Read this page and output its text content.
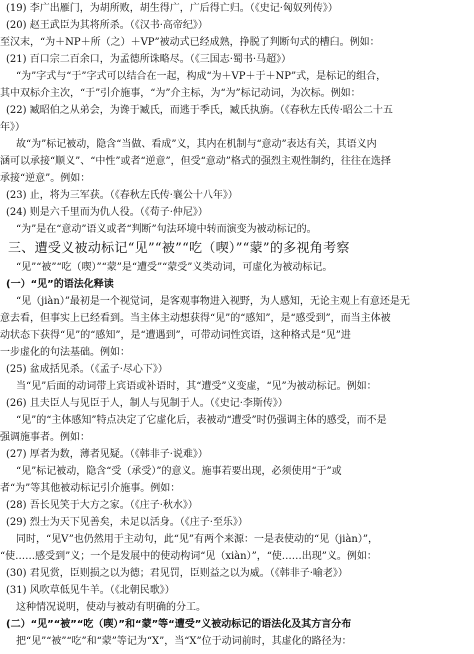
(19) 李广出雁门，为胡所败，胡生得广，广后得亡归。（《史记·匈奴列传》）
(20) 赵王武臣为其将所杀。（《汉书·高帝纪》）
至汉末，“为＋NP＋所（之）＋VP”被动式已经成熟，挣脱了判断句式的槽臼。例如：
(21) 百口宗二百余口，为孟德所诛略尽。（《三国志·蜀书·马超》）
“为”字式与“于”字式可以结合在一起，构成“为＋VP＋于＋NP”式，是标记的组合，
其中双标介主次，“于”引介施事，“为”介主标，为“为”标记动词，为次标。例如：
(22) 臧昭伯之从弟会，为谗于臧氏，而逃于季氏，臧氏执旃。（《春秋左氏传·昭公二十五
年》）
故“为”标记被动，隐含“当做、看成”义，其内在机制与“意动”表达有关，其语义内
涵可以承接“顺义”、“中性”或者“逆意”，但受“意动”格式的强烈主观性制约，往往在选择
承接“逆意”。例如：
(23) 止，将为三军获。（《春秋左氏传·襄公十八年》）
(24) 则是六千里而为仇人役。（《荀子·仲尼》）
“为”是在“意动”语义或者“判断”句法环境中转而演变为被动标记的。
三、遭受义被动标记“见”“被”“吃（喫）”“蒙”的多视角考察
“见”“被”“吃（喫）”“蒙”是“遭受”“蒙受”义类动词，可虚化为被动标记。
(一）“见”的语法化释读
“见（jiàn）”最初是一个视觉词，是客观事物进入视野，为人感知，无论主观上有意还是无
意去看，但事实上已经看到。当主体主动想获得“见”的“感知”，是“感受到”，而当主体被
动状态下获得“见”的“感知”，是“遭遇到”，可带动词性宾语，这种格式是“见”进
一步虚化的句法基础。例如：
(25) 盆成括见杀。（《孟子·尽心下》）
当“见”后面的动词带上宾语或补语时，其“遭受”义变虚，“见”为被动标记。例如：
(26) 且夫臣人与见臣于人，制人与见制于人。（《史记·李斯传》）
“见”的“主体感知”特点决定了它虚化后，表被动“遭受”时仍强调主体的感受，而不是
强调施事者。例如：
(27) 厚者为数，薄者见疑。（《韩非子·说难》）
“见”标记被动，隐含“受（承受）”的意义。施事若要出现，必须使用“于”或
者“为”等其他被动标记引介施事。例如：
(28) 吾长见笑于大方之家。（《庄子·秋水》）
(29) 烈士为天下见善矣，未足以活身。（《庄子·至乐》）
同时，“见V”也仍然用于主动句，此“见”有两个来源：一是表使动的“见（jiàn）”，
“使……感受到”义；一个是发展中的使动构词“见（xiàn）”，“使……出现”义。例如：
(30) 君见赏，臣则损之以为德；君见罚，臣则益之以为威。（《韩非子·喻老》）
(31) 风吹草低见牛羊。（《北朝民歌》）
这种情况说明，使动与被动有明确的分工。
(二）“见”“被”“吃（喫）”和“蒙”等“遭受”义被动标记的语法化及其方言分布
把“见”“被”“吃”和“蒙”等记为“X”，当“X”位于动词前时，其虚化的路径为：
